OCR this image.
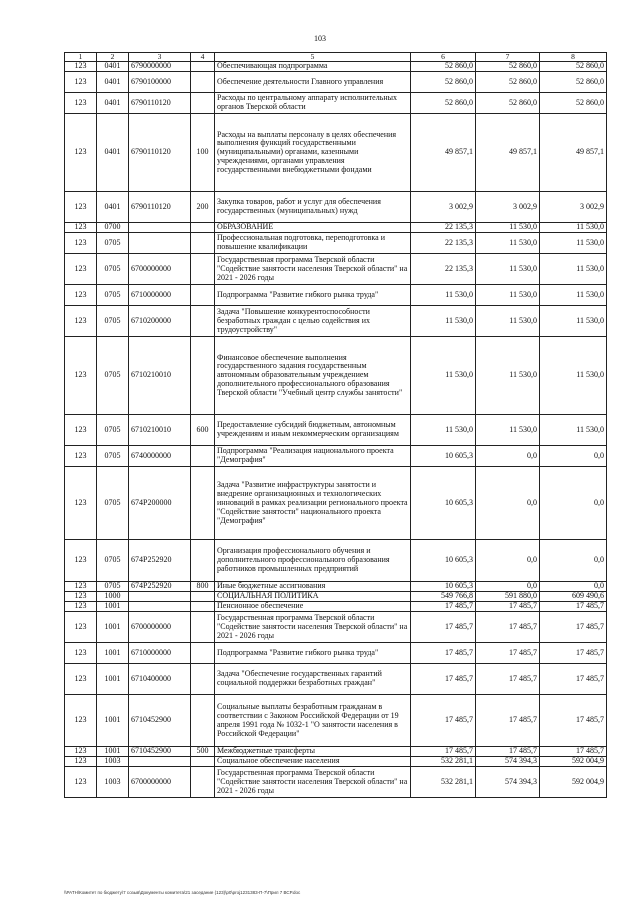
103
1	2	3	4	5	6	7	8
123	0401	6790000000		Обеспечивающая подпрограмма	52 860,0	52 860,0	52 860,0
123	0401	6790100000		Обеспечение деятельности Главного управления	52 860,0	52 860,0	52 860,0
123	0401	6790110120		Расходы по центральному аппарату исполнительных органов Тверской области	52 860,0	52 860,0	52 860,0
123	0401	6790110120	100	Расходы на выплаты персоналу в целях обеспечения выполнения функций государственными (муниципальными) органами, казенными учреждениями, органами управления государственными внебюджетными фондами	49 857,1	49 857,1	49 857,1
123	0401	6790110120	200	Закупка товаров, работ и услуг для обеспечения государственных (муниципальных) нужд	3 002,9	3 002,9	3 002,9
123	0700			ОБРАЗОВАНИЕ	22 135,3	11 530,0	11 530,0
123	0705			Профессиональная подготовка, переподготовка и повышение квалификации	22 135,3	11 530,0	11 530,0
123	0705	6700000000		Государственная программа Тверской области "Содействие занятости населения Тверской области" на 2021 - 2026 годы	22 135,3	11 530,0	11 530,0
123	0705	6710000000		Подпрограмма "Развитие гибкого рынка труда"	11 530,0	11 530,0	11 530,0
123	0705	6710200000		Задача "Повышение конкурентоспособности безработных граждан с целью содействия их трудоустройству"	11 530,0	11 530,0	11 530,0
123	0705	6710210010		Финансовое обеспечение выполнения государственного задания государственным автономным образовательным учреждением дополнительного профессионального образования Тверской области "Учебный центр службы занятости"	11 530,0	11 530,0	11 530,0
123	0705	6710210010	600	Предоставление субсидий бюджетным, автономным учреждениям и иным некоммерческим организациям	11 530,0	11 530,0	11 530,0
123	0705	6740000000		Подпрограмма "Реализация национального проекта "Демография"	10 605,3	0,0	0,0
123	0705	674P200000		Задача "Развитие инфраструктуры занятости и внедрение организационных и технологических инноваций в рамках реализации регионального проекта "Содействие занятости" национального проекта "Демография"	10 605,3	0,0	0,0
123	0705	674P252920		Организация профессионального обучения и дополнительного профессионального образования работников промышленных предприятий	10 605,3	0,0	0,0
123	0705	674P252920	800	Иные бюджетные ассигнования	10 605,3	0,0	0,0
123	1000			СОЦИАЛЬНАЯ ПОЛИТИКА	549 766,8	591 880,0	609 490,6
123	1001			Пенсионное обеспечение	17 485,7	17 485,7	17 485,7
123	1001	6700000000		Государственная программа Тверской области "Содействие занятости населения Тверской области" на 2021 - 2026 годы	17 485,7	17 485,7	17 485,7
123	1001	6710000000		Подпрограмма "Развитие гибкого рынка труда"	17 485,7	17 485,7	17 485,7
123	1001	6710400000		Задача "Обеспечение государственных гарантий социальной поддержки безработных граждан"	17 485,7	17 485,7	17 485,7
123	1001	6710452900		Социальные выплаты безработным гражданам в соответствии с Законом Российской Федерации от 19 апреля 1991 года № 1032-1 "О занятости населения в Российской Федерации"	17 485,7	17 485,7	17 485,7
123	1001	6710452900	500	Межбюджетные трансферты	17 485,7	17 485,7	17 485,7
123	1003			Социальное обеспечение населения	532 281,1	574 394,3	592 004,9
123	1003	6700000000		Государственная программа Тверской области "Содействие занятости населения Тверской области" на 2021 - 2026 годы	532 281,1	574 394,3	592 004,9
\\PATH\Комитет по бюджету\7 созыв\Документы комитета\21 заседание (123)\р0\proj1231383-П-7\Прил 7 ВСР.doc
